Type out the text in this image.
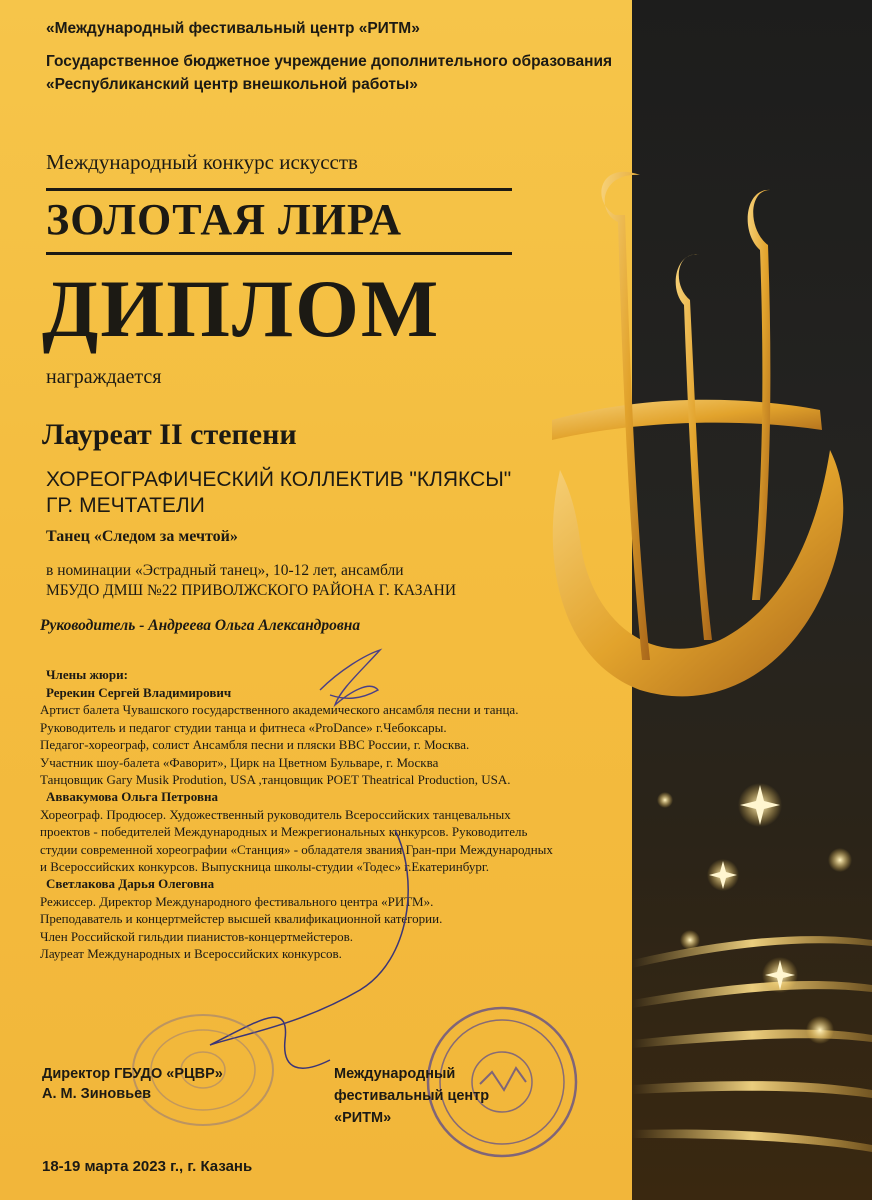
«Международный фестивальный центр «РИТМ»
Государственное бюджетное учреждение дополнительного образования
«Республиканский центр внешкольной работы»
Международный конкурс искусств
ЗОЛОТАЯ ЛИРА
ДИПЛОМ
награждается
Лауреат II степени
ХОРЕОГРАФИЧЕСКИЙ КОЛЛЕКТИВ "КЛЯКСЫ"
ГР. МЕЧТАТЕЛИ
Танец «Следом за мечтой»
в номинации «Эстрадный танец», 10-12 лет, ансамбли
МБУДО ДМШ №22 ПРИВОЛЖСКОГО РАЙОНА Г. КАЗАНИ
Руководитель - Андреева Ольга Александровна
Члены жюри:
Ререкин Сергей Владимирович
Артист балета Чувашского государственного академического ансамбля песни и танца.
Руководитель и педагог студии танца и фитнеса «ProDance» г.Чебоксары.
Педагог-хореограф, солист Ансамбля песни и пляски ВВС России, г. Москва.
Участник шоу-балета «Фаворит», Цирк на Цветном Бульваре, г. Москва
Танцовщик Gary Musik Prodution, USA ,танцовщик POET Theatrical Production, USA.
Аввакумова Ольга Петровна
Хореограф. Продюсер. Художественный руководитель Всероссийских танцевальных
проектов - победителей Международных и Межрегиональных конкурсов. Руководитель
студии современной хореографии «Станция» - обладателя звания Гран-при Международных
и Всероссийских конкурсов. Выпускница школы-студии «Тодес» г.Екатеринбург.
Светлакова Дарья Олеговна
Режиссер. Директор Международного фестивального центра «РИТМ».
Преподаватель и концертмейстер высшей квалификационной категории.
Член Российской гильдии пианистов-концертмейстеров.
Лауреат Международных и Всероссийских конкурсов.
Директор ГБУДО «РЦВР»
А. М. Зиновьев
Международный
фестивальный центр
«РИТМ»
18-19 марта 2023 г., г. Казань
